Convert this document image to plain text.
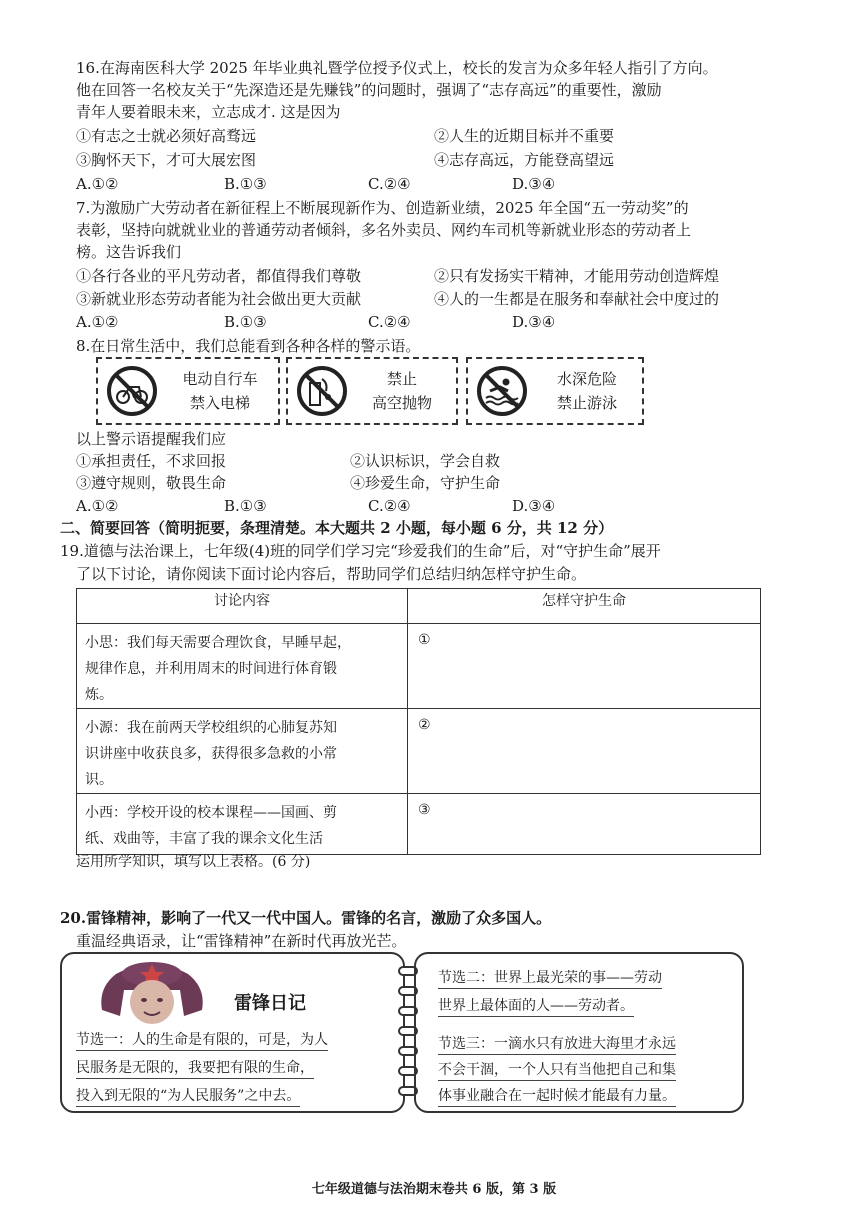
16.在海南医科大学 2025 年毕业典礼暨学位授予仪式上，校长的发言为众多年轻人指引了方向。
他在回答一名校友关于“先深造还是先赚钱”的问题时，强调了“志存高远”的重要性，激励
青年人要着眼未来，立志成才. 这是因为
①有志之士就必须好高骛远	②人生的近期目标并不重要
③胸怀天下，才可大展宏图	④志存高远，方能登高望远
A.①②	B.①③	C.②④	D.③④
7.为激励广大劳动者在新征程上不断展现新作为、创造新业绩，2025 年全国“五一劳动奖”的
表彰，坚持向就就业业的普通劳动者倾斜，多名外卖员、网约车司机等新就业形态的劳动者上
榜。这告诉我们
①各行各业的平凡劳动者，都值得我们尊敬	②只有发扬实干精神，才能用劳动创造辉煌
③新就业形态劳动者能为社会做出更大贡献	④人的一生都是在服务和奉献社会中度过的
A.①②	B.①③	C.②④	D.③④
8.在日常生活中，我们总能看到各种各样的警示语。
电动自行车
禁入电梯
禁止
高空抛物
水深危险
禁止游泳
以上警示语提醒我们应
①承担责任，不求回报	②认识标识，学会自救
③遵守规则，敬畏生命	④珍爱生命，守护生命
A.①②	B.①③	C.②④	D.③④
二、简要回答（简明扼要，条理清楚。本大题共 2 小题，每小题 6 分，共 12 分）
19.道德与法治课上，七年级(4)班的同学们学习完“珍爱我们的生命”后，对“守护生命”展开
了以下讨论，请你阅读下面讨论内容后，帮助同学们总结归纳怎样守护生命。
讨论内容	怎样守护生命

小思：我们每天需要合理饮食，早睡早起，
规律作息，并利用周末的时间进行体育锻
炼。	①

小源：我在前两天学校组织的心肺复苏知
识讲座中收获良多，获得很多急救的小常
识。	②

小西：学校开设的校本课程——国画、剪
纸、戏曲等，丰富了我的课余文化生活	③
运用所学知识，填写以上表格。(6 分)
20.雷锋精神，影响了一代又一代中国人。雷锋的名言，激励了众多国人。
重温经典语录，让“雷锋精神”在新时代再放光芒。
雷锋日记
节选一：人的生命是有限的，可是，为人
民服务是无限的，我要把有限的生命，
投入到无限的“为人民服务”之中去。
节选二：世界上最光荣的事——劳动
世界上最体面的人——劳动者。
节选三：一滴水只有放进大海里才永远
不会干涸，一个人只有当他把自己和集
体事业融合在一起时候才能最有力量。
七年级道德与法治期末卷共 6 版，第 3 版
